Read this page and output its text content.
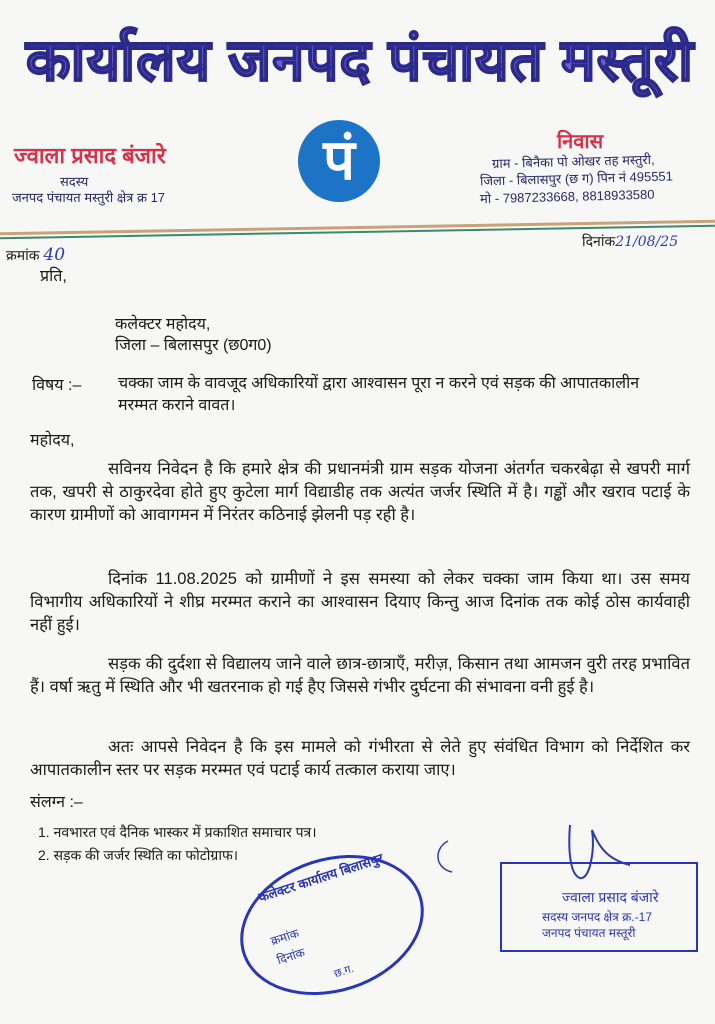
कार्यालय जनपद पंचायत मस्तूरी
ज्वाला प्रसाद बंजारे
सदस्य
जनपद पंचायत मस्तुरी क्षेत्र क्र 17
पं	निवास
ग्राम - बिनैका पो ओखर तह मस्तुरी,
जिला - बिलासपुर (छ ग) पिन नं 495551
मो - 7987233668, 8818933580
दिनांक21/08/25
क्रमांक 40
प्रति,
कलेक्टर महोदय,
जिला – बिलासपुर (छ0ग0)
विषय :– चक्का जाम के वावजूद अधिकारियों द्वारा आश्वासन पूरा न करने एवं सड़क की आपातकालीन मरम्मत कराने वावत।
महोदय,
सविनय निवेदन है कि हमारे क्षेत्र की प्रधानमंत्री ग्राम सड़क योजना अंतर्गत चकरबेढ़ा से खपरी मार्ग तक, खपरी से ठाकुरदेवा होते हुए कुटेला मार्ग विद्याडीह तक अत्यंत जर्जर स्थिति में है। गड्ढों और खराव पटाई के कारण ग्रामीणों को आवागमन में निरंतर कठिनाई झेलनी पड़ रही है।
दिनांक 11.08.2025 को ग्रामीणों ने इस समस्या को लेकर चक्का जाम किया था। उस समय विभागीय अधिकारियों ने शीघ्र मरम्मत कराने का आश्वासन दियाए किन्तु आज दिनांक तक कोई ठोस कार्यवाही नहीं हुई।
सड़क की दुर्दशा से विद्यालय जाने वाले छात्र-छात्राएँ, मरीज़, किसान तथा आमजन वुरी तरह प्रभावित हैं। वर्षा ऋतु में स्थिति और भी खतरनाक हो गई हैए जिससे गंभीर दुर्घटना की संभावना वनी हुई है।
अतः आपसे निवेदन है कि इस मामले को गंभीरता से लेते हुए संवंधित विभाग को निर्देशित कर आपातकालीन स्तर पर सड़क मरम्मत एवं पटाई कार्य तत्काल कराया जाए।
संलग्न :–
1. नवभारत एवं दैनिक भास्कर में प्रकाशित समाचार पत्र।
2. सड़क की जर्जर स्थिति का फोटोग्राफ। कलेक्टर कार्यालय बिलासपुर
क्रमांक
दिनांक
छ.ग.
ज्वाला प्रसाद बंजारे
सदस्य जनपद क्षेत्र क्र.-17
जनपद पंचायत मस्तूरी
